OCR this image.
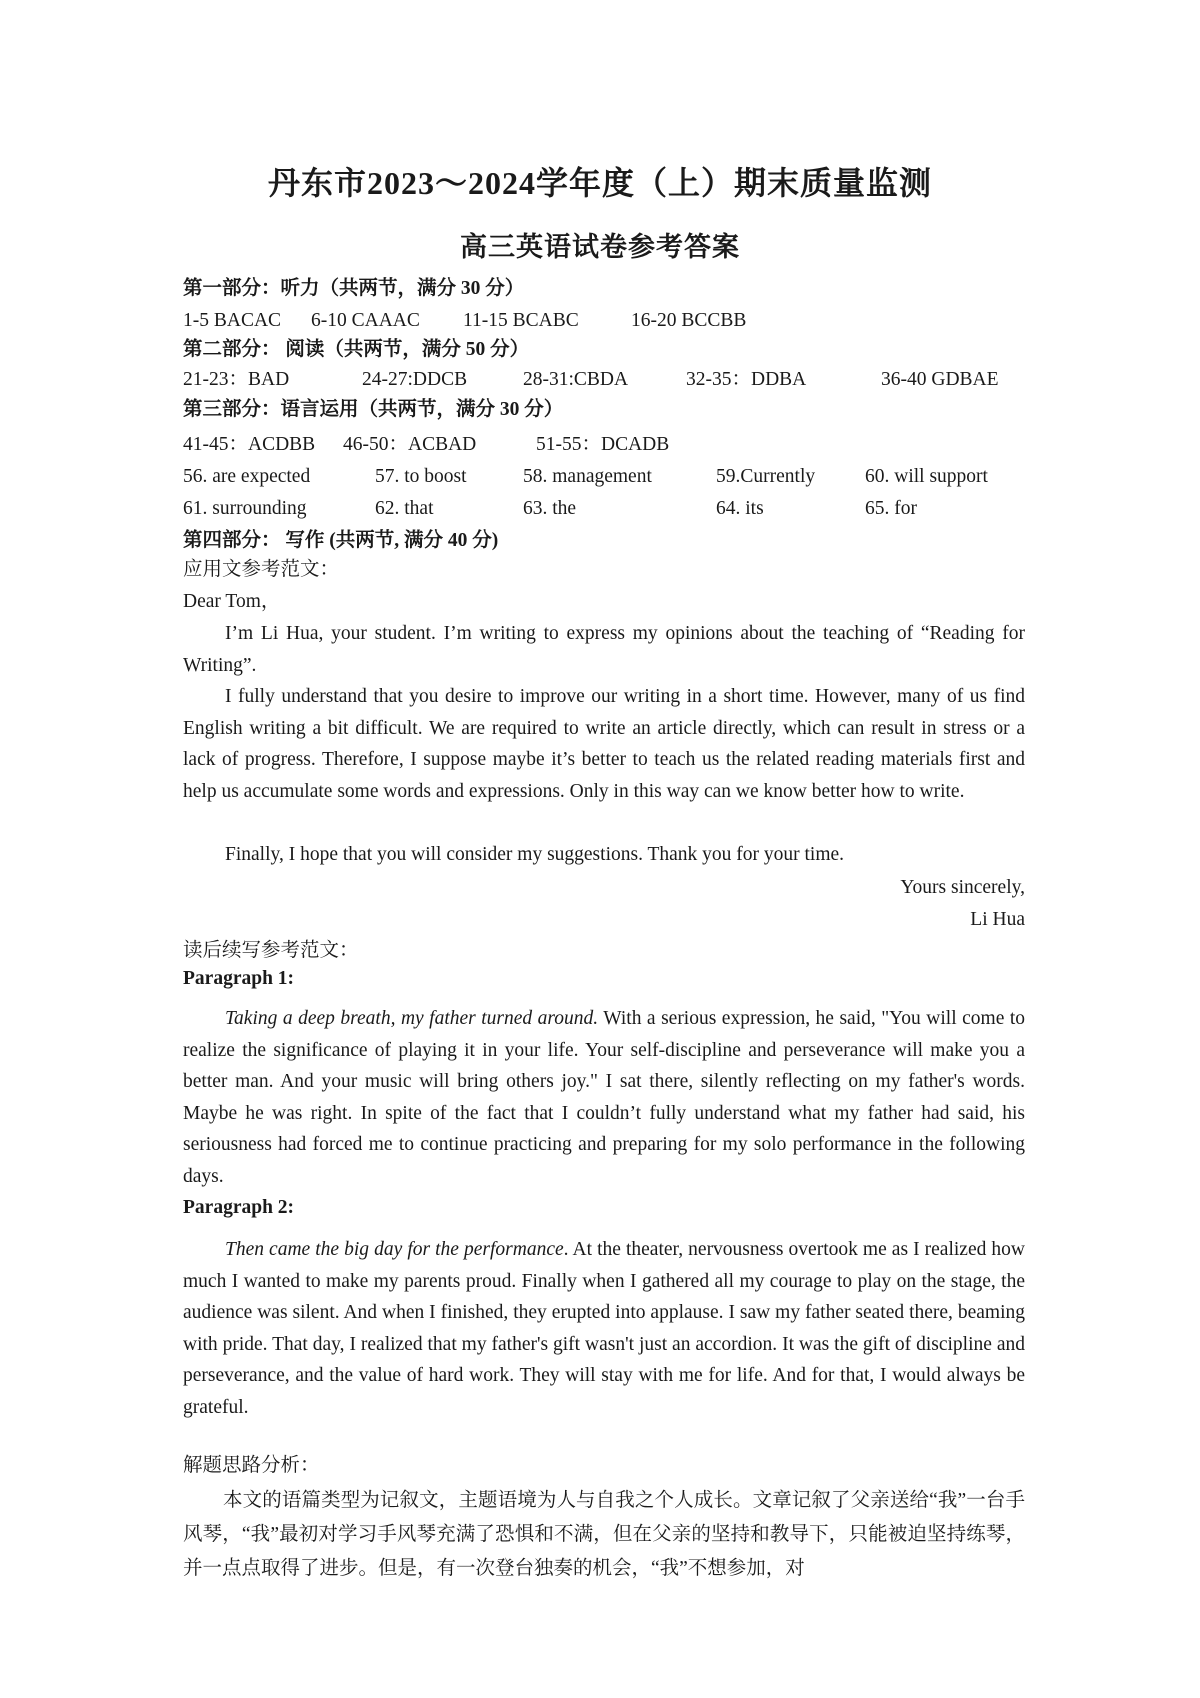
丹东市2023～2024学年度（上）期末质量监测
高三英语试卷参考答案
第一部分：听力（共两节，满分 30 分）
1-5 BACAC 6-10 CAAAC 11-15 BCABC	16-20 BCCBB
第二部分： 阅读（共两节，满分 50 分）
21-23：BAD	24-27:DDCB	28-31:CBDA	32-35：DDBA	36-40 GDBAE
第三部分：语言运用（共两节，满分 30 分）
41-45：ACDBB 46-50：ACBAD	51-55：DCADB
56. are expected	57. to boost	58. management	59.Currently	60. will support
61. surrounding	62. that	63. the	64. its	65. for
第四部分： 写作 (共两节, 满分 40 分)
应用文参考范文：
Dear Tom，

I’m Li Hua, your student. I’m writing to express my opinions about the teaching of “Reading for Writing”.

I fully understand that you desire to improve our writing in a short time. However, many of us find English writing a bit difficult. We are required to write an article directly, which can result in stress or a lack of progress. Therefore, I suppose maybe it’s better to teach us the related reading materials first and help us accumulate some words and expressions. Only in this way can we know better how to write.

Finally, I hope that you will consider my suggestions. Thank you for your time.

Yours sincerely,
Li Hua
读后续写参考范文：
Paragraph 1:

Taking a deep breath, my father turned around. With a serious expression, he said, "You will come to realize the significance of playing it in your life. Your self-discipline and perseverance will make you a better man. And your music will bring others joy." I sat there, silently reflecting on my father's words. Maybe he was right. In spite of the fact that I couldn’t fully understand what my father had said, his seriousness had forced me to continue practicing and preparing for my solo performance in the following days.

Paragraph 2:

Then came the big day for the performance. At the theater, nervousness overtook me as I realized how much I wanted to make my parents proud. Finally when I gathered all my courage to play on the stage, the audience was silent. And when I finished, they erupted into applause. I saw my father seated there, beaming with pride. That day, I realized that my father's gift wasn't just an accordion. It was the gift of discipline and perseverance, and the value of hard work. They will stay with me for life. And for that, I would always be grateful.

解题思路分析：

本文的语篇类型为记叙文，主题语境为人与自我之个人成长。文章记叙了父亲送给“我”一台手风琴，“我”最初对学习手风琴充满了恐惧和不满，但在父亲的坚持和教导下，只能被迫坚持练琴，并一点点取得了进步。但是，有一次登台独奏的机会，“我”不想参加，对
